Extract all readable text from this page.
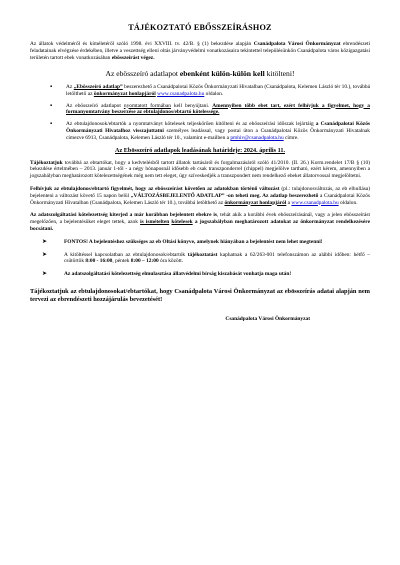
TÁJÉKOZTATÓ EBŐSSZEÍRÁSHOZ

Az állatok védelméről és kíméletéről szóló 1998. évi XXVIII. tv. 42/B. § (1) bekezdése alapján Csanádpalota Városi Önkormányzat ebrendészeti feladatainak elvégzése érdekében, illetve a veszettség elleni oltás járványvédelmi vonatkozásaira tekintettel településünkön Csanádpalota város közigazgatási területén tartott ebek vonatkozásában ebösszeírást végez.

Az ebösszeíró adatlapot ebenként külön-külön kell kitölteni!

▪	Az „Ebösszeíró adatlap” beszerezhető a Csanádpalotai Közös Önkormányzati Hivatalban (Csanádpalota, Kelemen László tér 10.), továbbá letölthető az önkormányzat honlapjáról www.csanadpalota.hu oldalon.
▪	Az ebösszeíró adatlapot nyomtatott formában kell benyújtani. Amennyiben több ebet tart, ezért felhívjuk a figyelmet, hogy a formanyomtatvány beszerzése az ebtulajdonos/ebtartó kötelessége.
▪	Az ebtulajdonosok/ebtartók a nyomtatványt kötelesek teljeskörűen kitölteni és az ebösszeírási időszak lejártáig a Csanádpalotai Közös Önkormányzati Hivatalhoz visszajuttatni személyes leadással, vagy postai úton a Csanádpalotai Közös Önkormányzati Hivatalnak címezve 6913, Csanádpalota, Kelemen László tér 10., valamint e-mailben a pmhiv@csanadpalota.hu címre.

Az Ebösszeíró adatlapok leadásának határideje: 2024. április 11.

Tájékoztatjuk továbbá az ebtartókat, hogy a kedvtelésből tartott állatok tartásáról és forgalmazásáról szóló 41/2010. (II. 26.) Korm.rendelet 17/B § (10) bekezdése értelmében – 2013. január 1-től - a négy hónaposnál idősebb eb csak transzponderrel (chippel) megjelölve tartható, ezért kérem, amennyiben a jogszabályban meghatározott kötelezettségének még nem tett eleget, úgy szíveskedjék a transzpondert nem rendelkező ebeket állatorvossal megjelöltetni.

Felhívjuk az ebtulajdonos/ebtartó figyelmét, hogy az ebösszeírást követően az adatokban történő változást (pl.: tulajdonosváltozás, az eb elhullása) bejelenteni a változást követő 15 napon belül „VÁLTOZÁSBEJELENTŐ ADATLAP” -on teheti meg. Az adatlap beszerezhető a Csanádpalotai Közös Önkormányzati Hivatalban (Csanádpalota, Kelemen László tér 10.), továbbá letölthető az önkormányzat honlapjáról a www.csanadpalota.hu oldalon.

Az adatszolgáltatási kötelezettség kiterjed a már korábban bejelentett ebekre is, tehát akik a korábbi évek ebösszeírásánál, vagy a jelen ebösszeírást megelőzően, a bejelentésüket eleget tettek, azok is ismételten kötelesek a jogszabályban meghatározott adatokat az önkormányzat rendelkezésére bocsátani.

➤	FONTOS! A bejelentéshez szükséges az eb Oltási könyve, amelynek hiányában a bejelentést nem lehet megtenni!
➤	A kitöltéssel kapcsolatban az ebtulajdonosok/ebtartók tájékoztatást kaphatnak a 62/263-001 telefonszámon az alábbi időben: hétfő – csütörtök 8:00 - 16:00, péntek 8:00 – 12:00 óra között.
➤	Az adatszolgáltatási kötelezettség elmulasztása állatvédelmi bírság kiszabását vonhatja maga után!

Tájékoztatjuk az ebtulajdonosokat/ebtartókat, hogy Csanádpalota Városi Önkormányzat az ebösszeírás adatai alapján nem tervezi az ebrendészeti hozzájárulás bevezetését!

Csanádpalota Városi Önkormányzat
